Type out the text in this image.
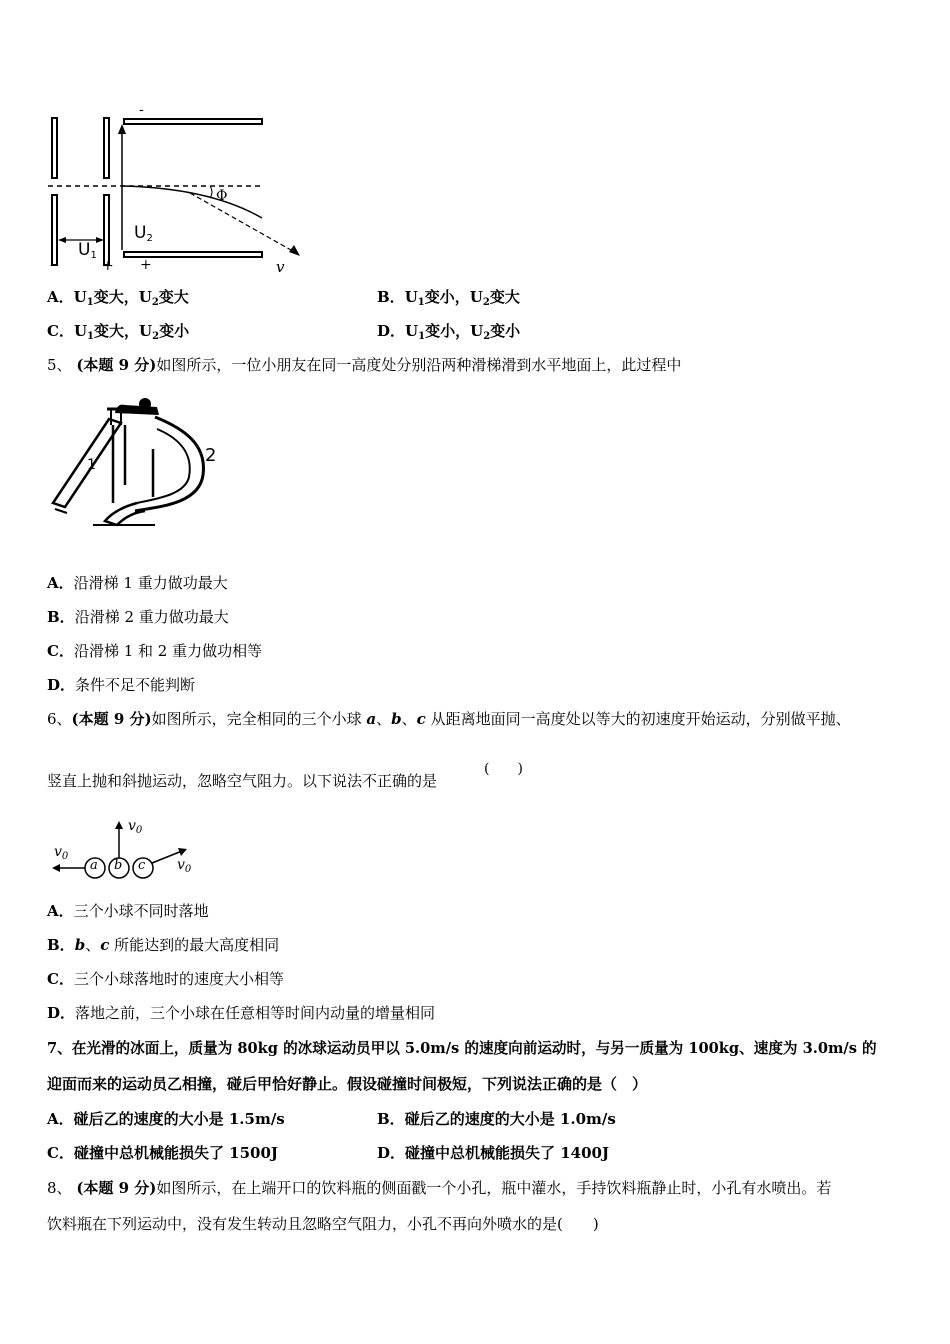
-
$U_2$
$U_1$
-	+ +
Φ
v
A．$U_1$变大，$U_2$变大	B．$U_1$变小，$U_2$变大
C．$U_1$变大，$U_2$变小	D．$U_1$变小，$U_2$变小
5、 (本题 9 分)如图所示，一位小朋友在同一高度处分别沿两种滑梯滑到水平地面上，此过程中
1	2
A．沿滑梯 1 重力做功最大
B．沿滑梯 2 重力做功最大
C．沿滑梯 1 和 2 重力做功相等
D．条件不足不能判断
6、(本题 9 分)如图所示，完全相同的三个小球 a、b、c 从距离地面同一高度处以等大的初速度开始运动，分别做平抛、
竖直上抛和斜抛运动，忽略空气阻力。以下说法不正确的是
(　　)
a b c
$v_0$
$v_0$
$v_0$
A．三个小球不同时落地
B．b、c 所能达到的最大高度相同
C．三个小球落地时的速度大小相等
D．落地之前，三个小球在任意相等时间内动量的增量相同
7、在光滑的冰面上，质量为 80kg 的冰球运动员甲以 5.0m/s 的速度向前运动时，与另一质量为 100kg、速度为 3.0m/s 的
迎面而来的运动员乙相撞，碰后甲恰好静止。假设碰撞时间极短，下列说法正确的是（　）
A．碰后乙的速度的大小是 1.5m/s	B．碰后乙的速度的大小是 1.0m/s
C．碰撞中总机械能损失了 1500J	D．碰撞中总机械能损失了 1400J
8、 (本题 9 分)如图所示，在上端开口的饮料瓶的侧面戳一个小孔，瓶中灌水，手持饮料瓶静止时，小孔有水喷出。若
饮料瓶在下列运动中，没有发生转动且忽略空气阻力，小孔不再向外喷水的是(　　)
